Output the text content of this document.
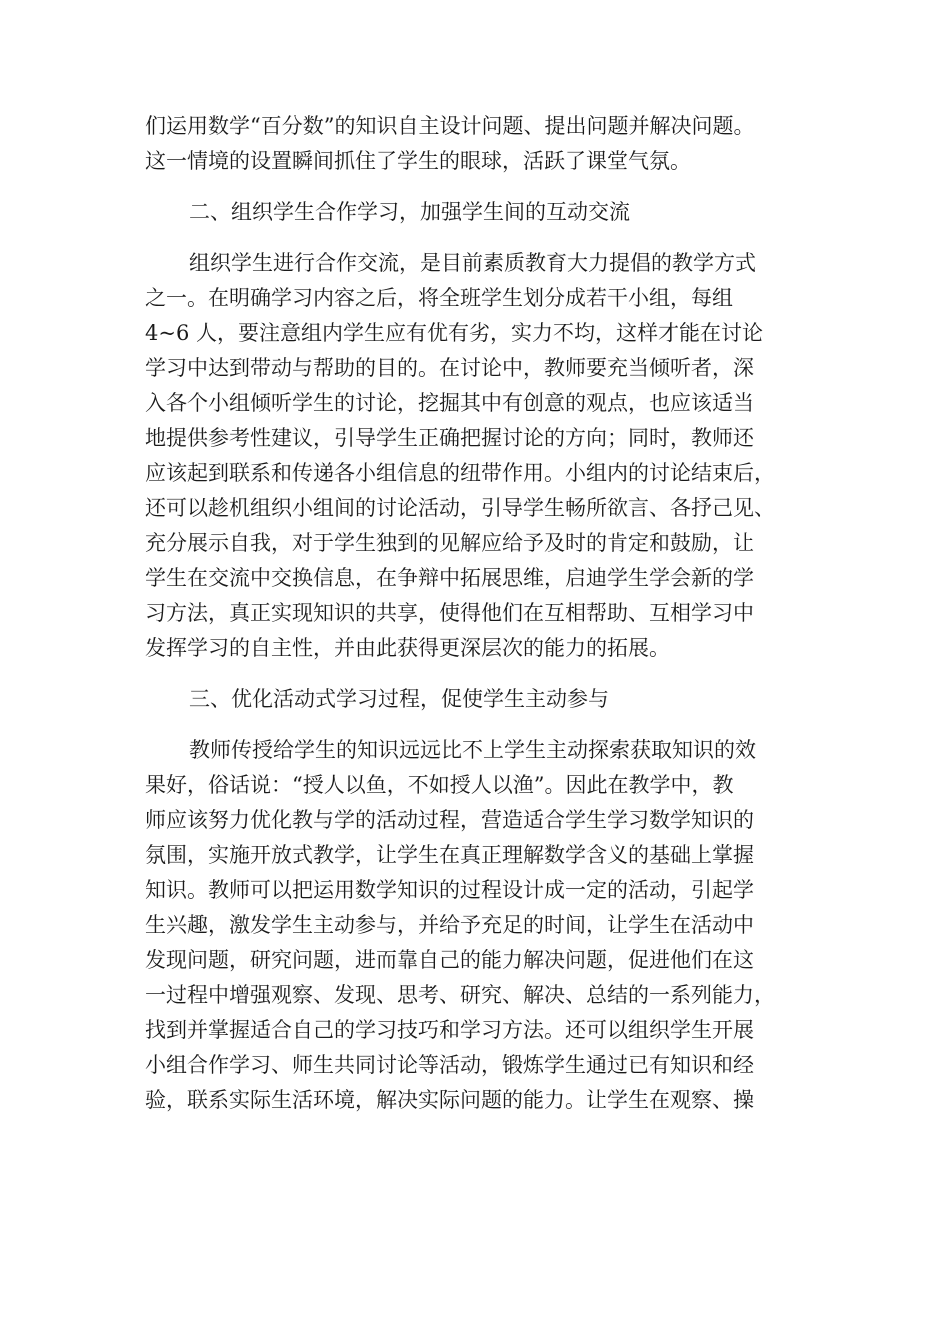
们运用数学“百分数”的知识自主设计问题、提出问题并解决问题。
这一情境的设置瞬间抓住了学生的眼球，活跃了课堂气氛。
二、组织学生合作学习，加强学生间的互动交流
组织学生进行合作交流，是目前素质教育大力提倡的教学方式
之一。在明确学习内容之后，将全班学生划分成若干小组，每组
4~6 人，要注意组内学生应有优有劣，实力不均，这样才能在讨论
学习中达到带动与帮助的目的。在讨论中，教师要充当倾听者，深
入各个小组倾听学生的讨论，挖掘其中有创意的观点，也应该适当
地提供参考性建议，引导学生正确把握讨论的方向；同时，教师还
应该起到联系和传递各小组信息的纽带作用。小组内的讨论结束后，
还可以趁机组织小组间的讨论活动，引导学生畅所欲言、各抒己见、
充分展示自我，对于学生独到的见解应给予及时的肯定和鼓励，让
学生在交流中交换信息，在争辩中拓展思维，启迪学生学会新的学
习方法，真正实现知识的共享，使得他们在互相帮助、互相学习中
发挥学习的自主性，并由此获得更深层次的能力的拓展。
三、优化活动式学习过程，促使学生主动参与
教师传授给学生的知识远远比不上学生主动探索获取知识的效
果好，俗话说：“授人以鱼，不如授人以渔”。因此在教学中，教
师应该努力优化教与学的活动过程，营造适合学生学习数学知识的
氛围，实施开放式教学，让学生在真正理解数学含义的基础上掌握
知识。教师可以把运用数学知识的过程设计成一定的活动，引起学
生兴趣，激发学生主动参与，并给予充足的时间，让学生在活动中
发现问题，研究问题，进而靠自己的能力解决问题，促进他们在这
一过程中增强观察、发现、思考、研究、解决、总结的一系列能力，
找到并掌握适合自己的学习技巧和学习方法。还可以组织学生开展
小组合作学习、师生共同讨论等活动，锻炼学生通过已有知识和经
验，联系实际生活环境，解决实际问题的能力。让学生在观察、操
